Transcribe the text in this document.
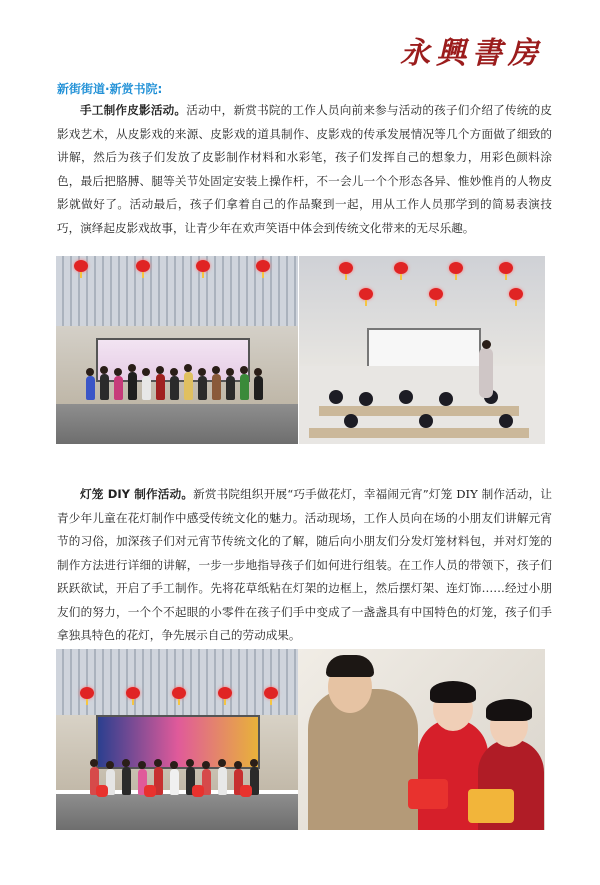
永興書房
新街街道·新赏书院:

手工制作皮影活动。活动中，新赏书院的工作人员向前来参与活动的孩子们介绍了传统的皮影戏艺术，从皮影戏的来源、皮影戏的道具制作、皮影戏的传承发展情况等几个方面做了细致的讲解，然后为孩子们发放了皮影制作材料和水彩笔，孩子们发挥自己的想象力，用彩色颜料涂色，最后把胳膊、腿等关节处固定安装上操作杆，不一会儿一个个形态各异、惟妙惟肖的人物皮影就做好了。活动最后，孩子们拿着自己的作品聚到一起，用从工作人员那学到的简易表演技巧，演绎起皮影戏故事，让青少年在欢声笑语中体会到传统文化带来的无尽乐趣。

灯笼 DIY 制作活动。新赏书院组织开展“巧手做花灯，幸福闹元宵”灯笼 DIY 制作活动，让青少年儿童在花灯制作中感受传统文化的魅力。活动现场，工作人员向在场的小朋友们讲解元宵节的习俗，加深孩子们对元宵节传统文化的了解，随后向小朋友们分发灯笼材料包，并对灯笼的制作方法进行详细的讲解，一步一步地指导孩子们如何进行组装。在工作人员的带领下，孩子们跃跃欲试，开启了手工制作。先将花草纸粘在灯架的边框上，然后摆灯架、连灯饰……经过小朋友们的努力，一个个不起眼的小零件在孩子们手中变成了一盏盏具有中国特色的灯笼，孩子们手拿独具特色的花灯，争先展示自己的劳动成果。
